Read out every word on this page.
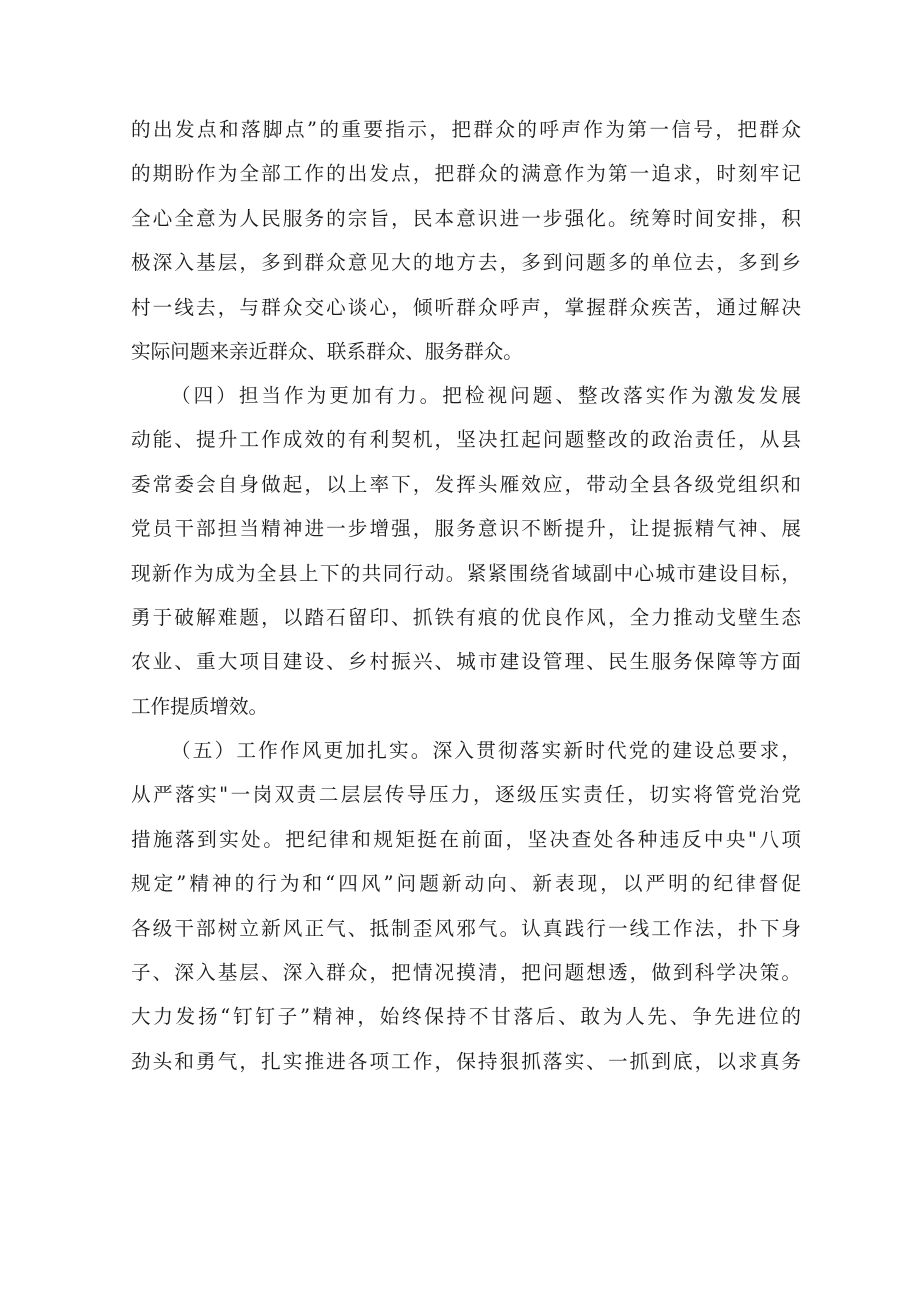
的出发点和落脚点”的重要指示，把群众的呼声作为第一信号，把群众
的期盼作为全部工作的出发点，把群众的满意作为第一追求，时刻牢记
全心全意为人民服务的宗旨，民本意识进一步强化。统筹时间安排，积
极深入基层，多到群众意见大的地方去，多到问题多的单位去，多到乡
村一线去，与群众交心谈心，倾听群众呼声，掌握群众疾苦，通过解决
实际问题来亲近群众、联系群众、服务群众。
（四）担当作为更加有力。把检视问题、整改落实作为激发发展
动能、提升工作成效的有利契机，坚决扛起问题整改的政治责任，从县
委常委会自身做起，以上率下，发挥头雁效应，带动全县各级党组织和
党员干部担当精神进一步增强，服务意识不断提升，让提振精气神、展
现新作为成为全县上下的共同行动。紧紧围绕省域副中心城市建设目标，
勇于破解难题，以踏石留印、抓铁有痕的优良作风，全力推动戈壁生态
农业、重大项目建设、乡村振兴、城市建设管理、民生服务保障等方面
工作提质增效。
（五）工作作风更加扎实。深入贯彻落实新时代党的建设总要求，
从严落实"一岗双责二层层传导压力，逐级压实责任，切实将管党治党
措施落到实处。把纪律和规矩挺在前面，坚决查处各种违反中央"八项
规定”精神的行为和“四风”问题新动向、新表现，以严明的纪律督促
各级干部树立新风正气、抵制歪风邪气。认真践行一线工作法，扑下身
子、深入基层、深入群众，把情况摸清，把问题想透，做到科学决策。
大力发扬“钉钉子”精神，始终保持不甘落后、敢为人先、争先进位的
劲头和勇气，扎实推进各项工作，保持狠抓落实、一抓到底，以求真务
